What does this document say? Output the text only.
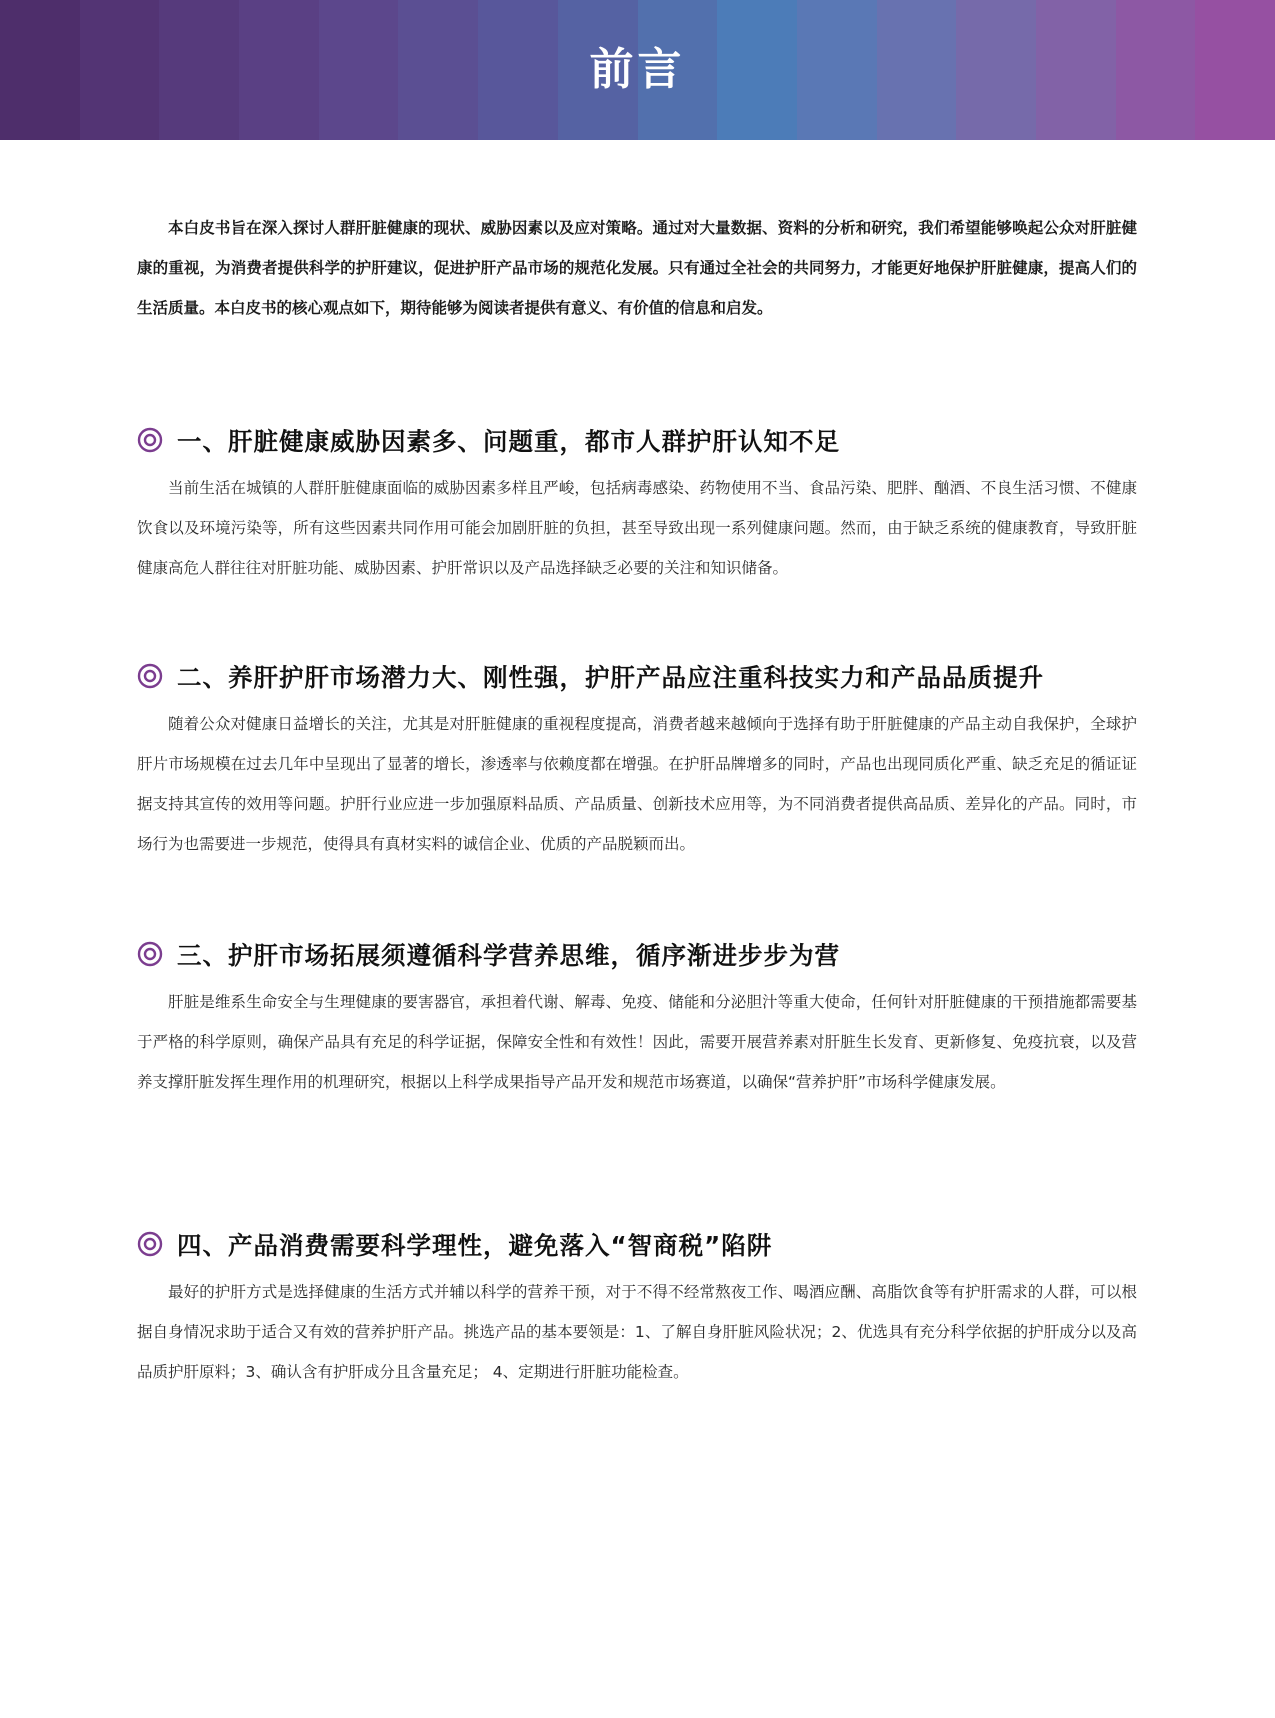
前言

本白皮书旨在深入探讨人群肝脏健康的现状、威胁因素以及应对策略。通过对大量数据、资料的分析和研究，我们希望能够唤起公众对肝脏健康的重视，为消费者提供科学的护肝建议，促进护肝产品市场的规范化发展。只有通过全社会的共同努力，才能更好地保护肝脏健康，提高人们的生活质量。本白皮书的核心观点如下，期待能够为阅读者提供有意义、有价值的信息和启发。

一、肝脏健康威胁因素多、问题重，都市人群护肝认知不足

当前生活在城镇的人群肝脏健康面临的威胁因素多样且严峻，包括病毒感染、药物使用不当、食品污染、肥胖、酗酒、不良生活习惯、不健康饮食以及环境污染等，所有这些因素共同作用可能会加剧肝脏的负担，甚至导致出现一系列健康问题。然而，由于缺乏系统的健康教育，导致肝脏健康高危人群往往对肝脏功能、威胁因素、护肝常识以及产品选择缺乏必要的关注和知识储备。

二、养肝护肝市场潜力大、刚性强，护肝产品应注重科技实力和产品品质提升

随着公众对健康日益增长的关注，尤其是对肝脏健康的重视程度提高，消费者越来越倾向于选择有助于肝脏健康的产品主动自我保护，全球护肝片市场规模在过去几年中呈现出了显著的增长，渗透率与依赖度都在增强。在护肝品牌增多的同时，产品也出现同质化严重、缺乏充足的循证证据支持其宣传的效用等问题。护肝行业应进一步加强原料品质、产品质量、创新技术应用等，为不同消费者提供高品质、差异化的产品。同时，市场行为也需要进一步规范，使得具有真材实料的诚信企业、优质的产品脱颖而出。

三、护肝市场拓展须遵循科学营养思维，循序渐进步步为营

肝脏是维系生命安全与生理健康的要害器官，承担着代谢、解毒、免疫、储能和分泌胆汁等重大使命，任何针对肝脏健康的干预措施都需要基于严格的科学原则，确保产品具有充足的科学证据，保障安全性和有效性！因此，需要开展营养素对肝脏生长发育、更新修复、免疫抗衰，以及营养支撑肝脏发挥生理作用的机理研究，根据以上科学成果指导产品开发和规范市场赛道，以确保“营养护肝”市场科学健康发展。

四、产品消费需要科学理性，避免落入“智商税”陷阱

最好的护肝方式是选择健康的生活方式并辅以科学的营养干预，对于不得不经常熬夜工作、喝酒应酬、高脂饮食等有护肝需求的人群，可以根据自身情况求助于适合又有效的营养护肝产品。挑选产品的基本要领是：1、了解自身肝脏风险状况；2、优选具有充分科学依据的护肝成分以及高品质护肝原料；3、确认含有护肝成分且含量充足； 4、定期进行肝脏功能检查。
